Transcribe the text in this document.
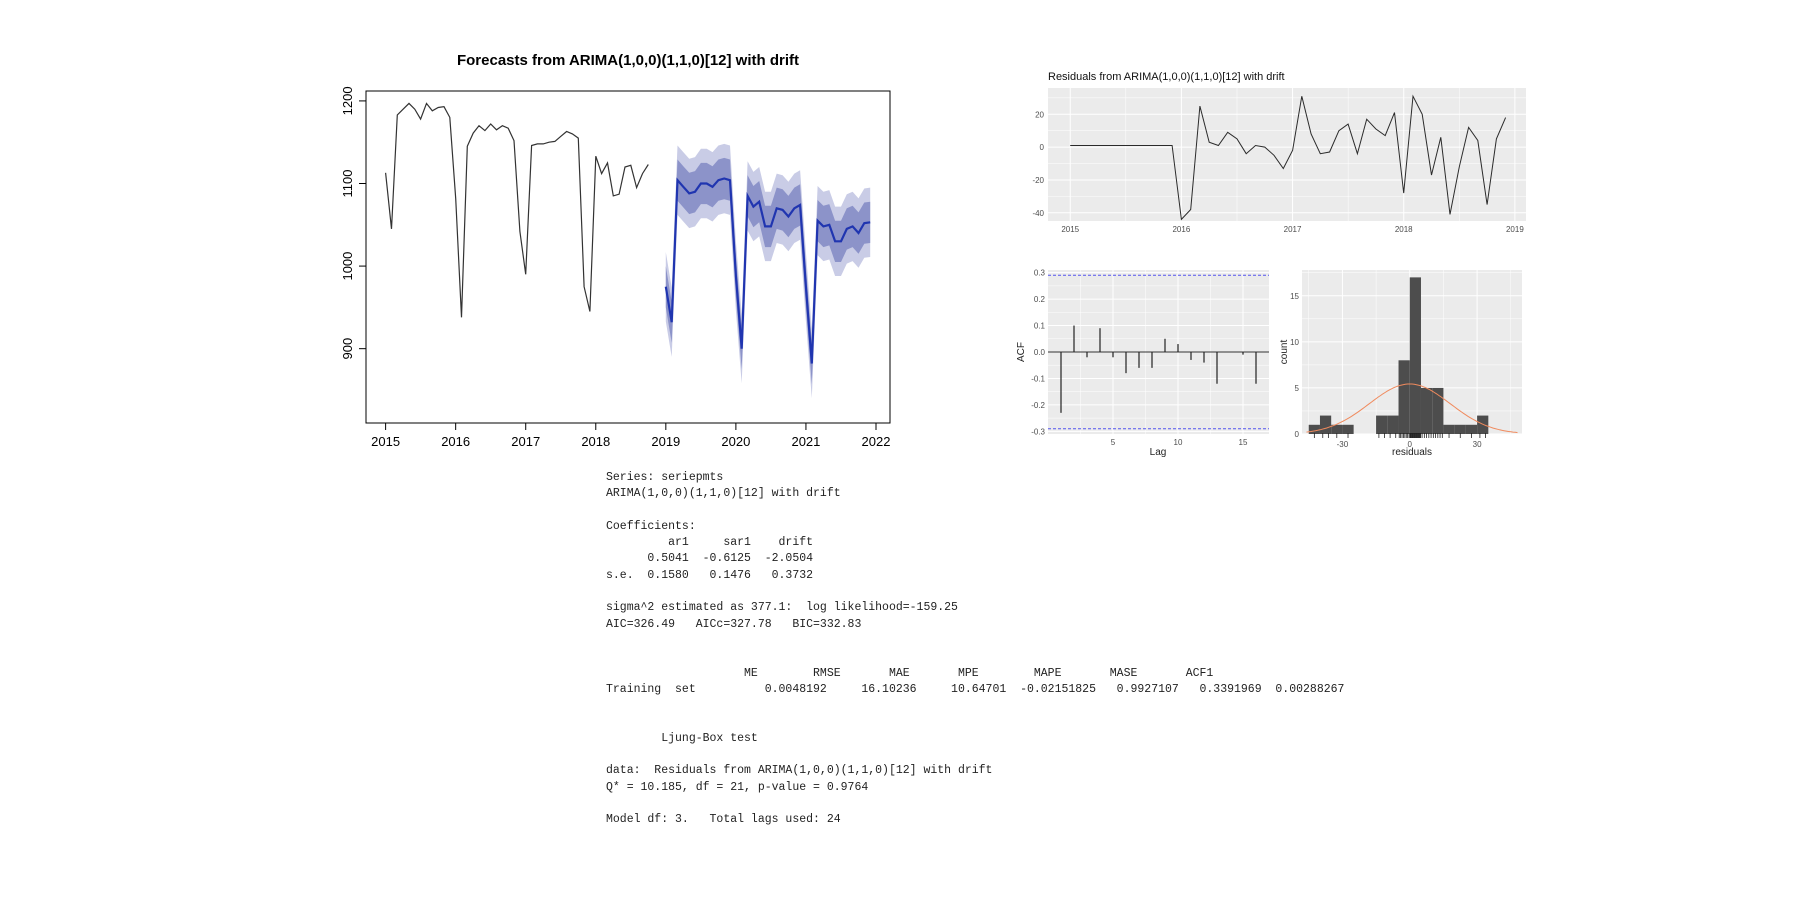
Forecasts from ARIMA(1,0,0)(1,1,0)[12] with drift
2015	2016	2017	2018	2019	2020	2021	2022
900
1000
1100
1200
Residuals from ARIMA(1,0,0)(1,1,0)[12] with drift
2015	2016	2017	2018	2019
-40
-20
0
20
5	10	15
-0.3
-0.2
-0.1
0.0
0.1
0.2
0.3
Lag
ACF
-30	0	30
0
5
10
15
residuals
count
Series: seriepmts
ARIMA(1,0,0)(1,1,0)[12] with drift
Coefficients:
ar1     sar1    drift
0.5041  -0.6125  -2.0504
s.e.  0.1580   0.1476   0.3732
sigma^2 estimated as 377.1:  log likelihood=-159.25
AIC=326.49   AICc=327.78   BIC=332.83
ME        RMSE       MAE       MPE        MAPE       MASE       ACF1
Training  set          0.0048192     16.10236     10.64701  -0.02151825   0.9927107   0.3391969  0.00288267
Ljung-Box test
data:  Residuals from ARIMA(1,0,0)(1,1,0)[12] with drift
Q* = 10.185, df = 21, p-value = 0.9764
Model df: 3.   Total lags used: 24
